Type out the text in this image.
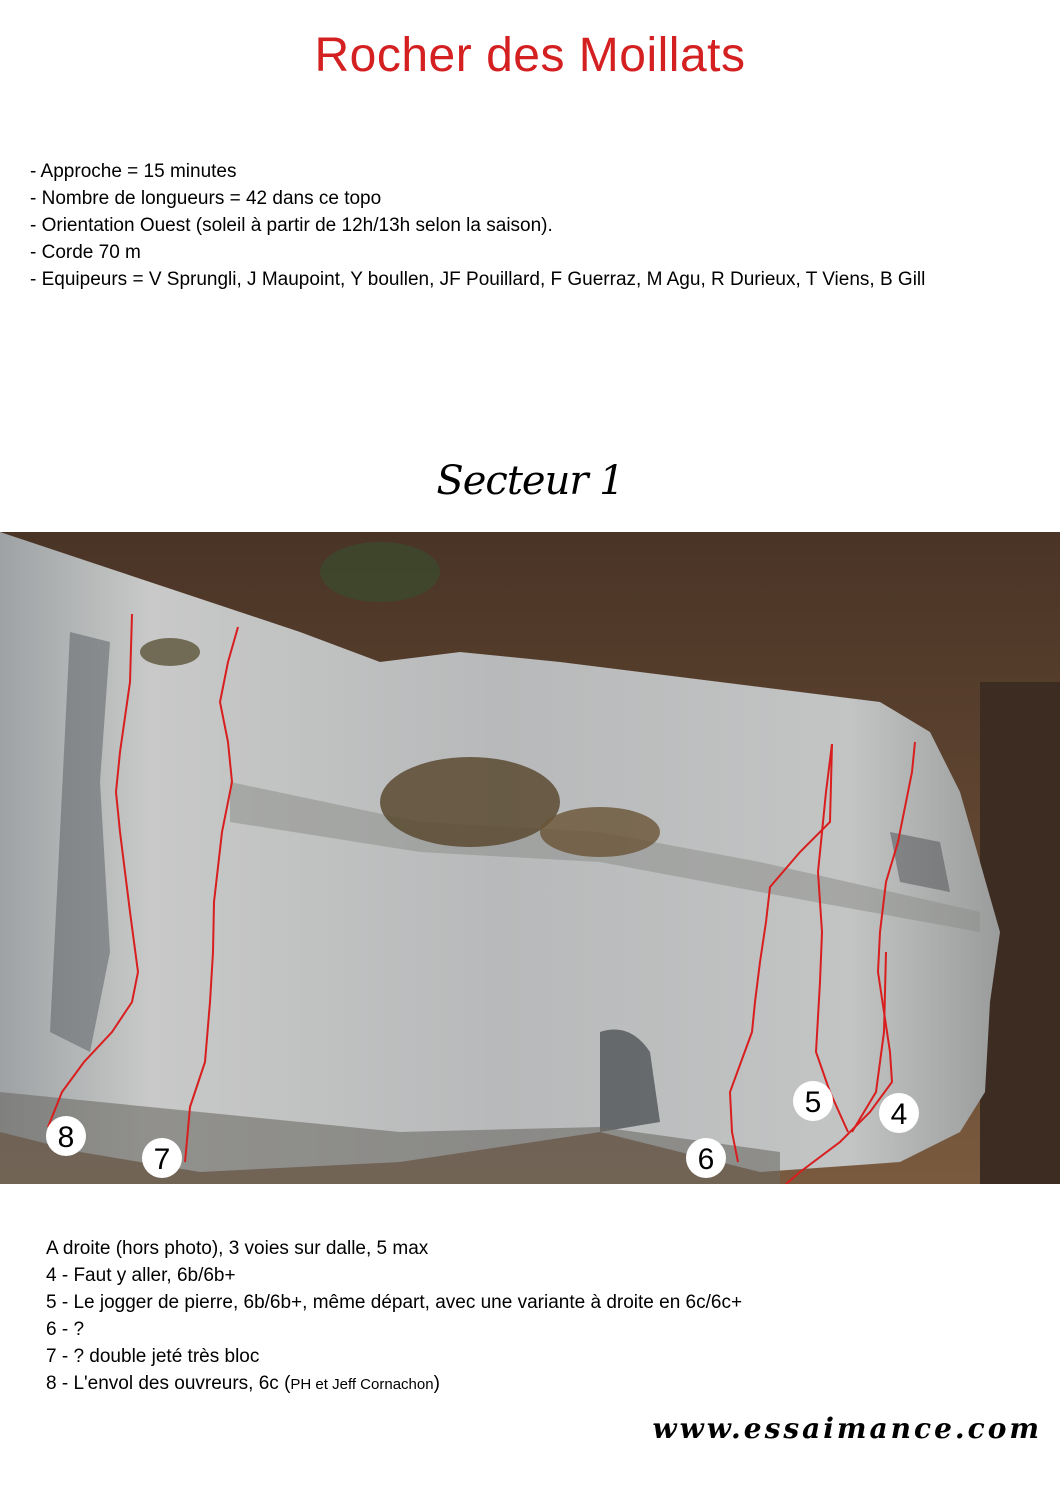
Rocher des Moillats
- Approche = 15 minutes
- Nombre de longueurs = 42 dans ce topo
- Orientation Ouest (soleil à partir de 12h/13h selon la saison).
- Corde 70 m
- Equipeurs = V Sprungli, J Maupoint, Y boullen, JF Pouillard, F Guerraz, M Agu, R Durieux, T Viens, B Gill
Secteur 1
8
7	6
5 4
A droite (hors photo), 3 voies sur dalle, 5 max
4 - Faut y aller, 6b/6b+
5 - Le jogger de pierre, 6b/6b+, même départ, avec une variante à droite en 6c/6c+
6 - ?
7 - ? double jeté très bloc
8 - L'envol des ouvreurs, 6c (PH et Jeff Cornachon)
www.essaimance.com
